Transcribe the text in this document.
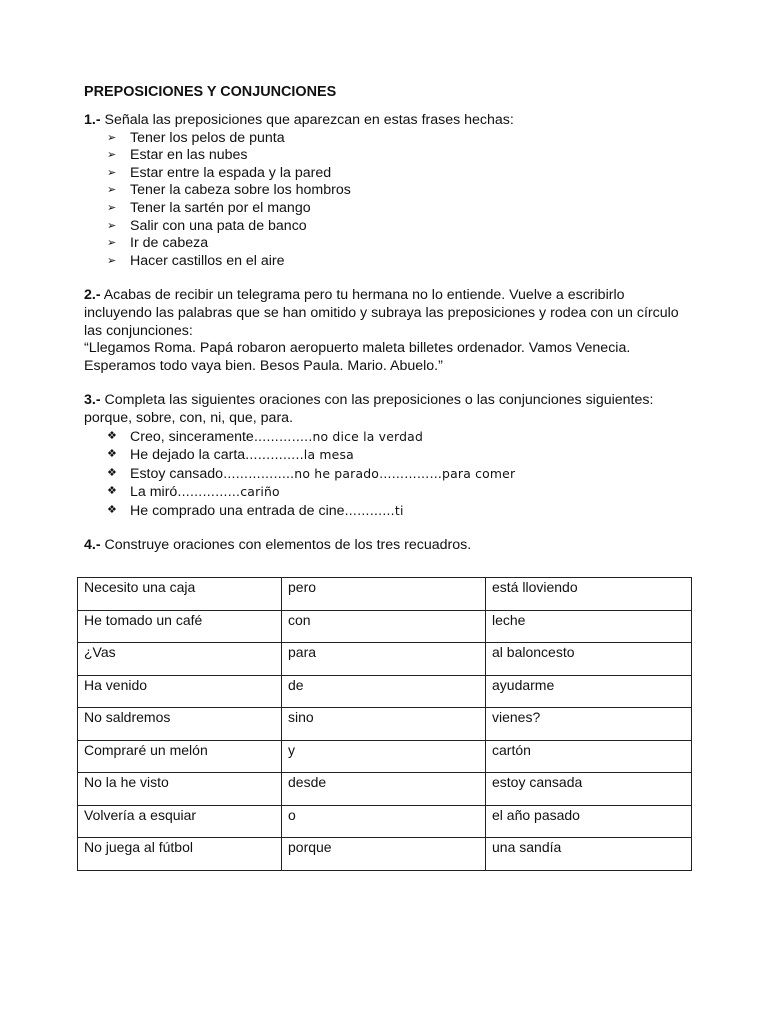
PREPOSICIONES Y CONJUNCIONES
1.- Señala las preposiciones que aparezcan en estas frases hechas:
➢ Tener los pelos de punta
➢ Estar en las nubes
➢ Estar entre la espada y la pared
➢ Tener la cabeza sobre los hombros
➢ Tener la sartén por el mango
➢ Salir con una pata de banco
➢ Ir de cabeza
➢ Hacer castillos en el aire
2.- Acabas de recibir un telegrama pero tu hermana no lo entiende. Vuelve a escribirlo
incluyendo las palabras que se han omitido y subraya las preposiciones y rodea con un círculo
las conjunciones:
“Llegamos Roma. Papá robaron aeropuerto maleta billetes ordenador. Vamos Venecia.
Esperamos todo vaya bien. Besos Paula. Mario. Abuelo.”
3.- Completa las siguientes oraciones con las preposiciones o las conjunciones siguientes:
porque, sobre, con, ni, que, para.
❖ Creo, sinceramente…………..no dice la verdad
❖ He dejado la carta…………..la mesa
❖ Estoy cansado……………..no he parado……………para comer
❖ La miró……………cariño
❖ He comprado una entrada de cine…………ti
4.- Construye oraciones con elementos de los tres recuadros.
Necesito una caja	pero	está lloviendo
He tomado un café	con	leche
¿Vas	para	al baloncesto
Ha venido	de	ayudarme
No saldremos	sino	vienes?
Compraré un melón	y	cartón
No la he visto	desde	estoy cansada
Volvería a esquiar	o	el año pasado
No juega al fútbol	porque	una sandía
